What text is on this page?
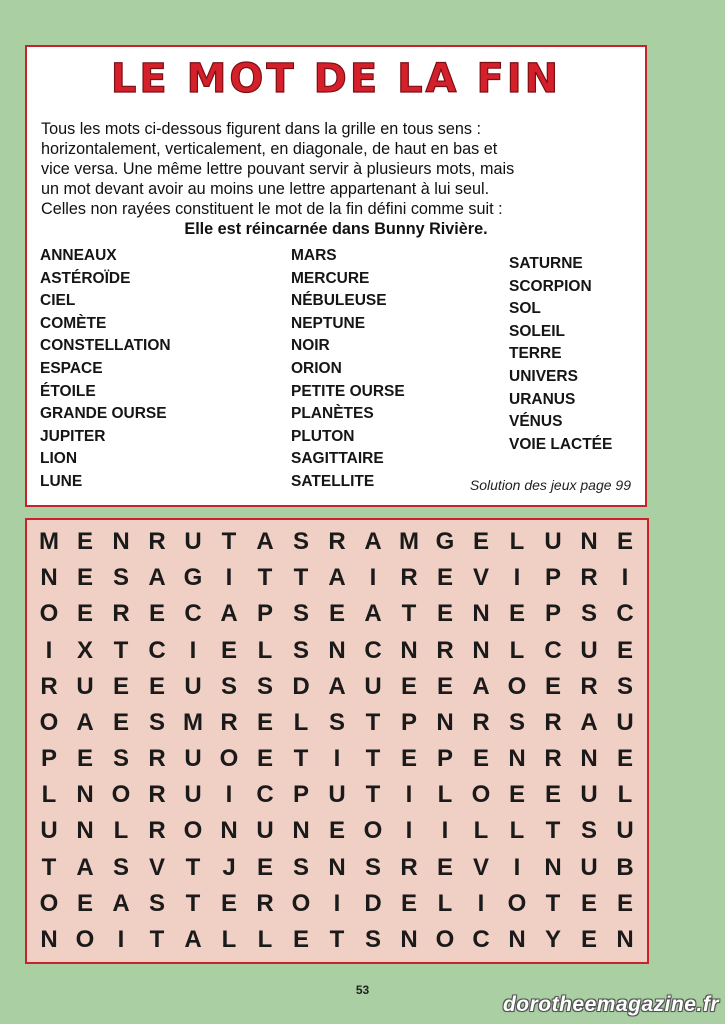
LE MOT DE LA FIN
Tous les mots ci-dessous figurent dans la grille en tous sens :
horizontalement, verticalement, en diagonale, de haut en bas et
vice versa. Une même lettre pouvant servir à plusieurs mots, mais
un mot devant avoir au moins une lettre appartenant à lui seul.
Celles non rayées constituent le mot de la fin défini comme suit :
Elle est réincarnée dans Bunny Rivière.
ANNEAUX
ASTÉROÏDE
CIEL
COMÈTE
CONSTELLATION
ESPACE
ÉTOILE
GRANDE OURSE
JUPITER
LION
LUNE
MARS
MERCURE
NÉBULEUSE
NEPTUNE
NOIR
ORION
PETITE OURSE
PLANÈTES
PLUTON
SAGITTAIRE
SATELLITE
SATURNE
SCORPION
SOL
SOLEIL
TERRE
UNIVERS
URANUS
VÉNUS
VOIE LACTÉE
Solution des jeux page 99
M E N R U T A S R A M G E L U N E
N E S A G I	T T A I	R E V	I	P R I
O E R E C A P S E A T E N E P S C
I	X T C I	E L S N C N R N L C U E
R U E E U S S D A U E E A O E R S
O A E S M R E L S T P N R S R A U
P E S R U O E T	I	T E P E N R N E
L N O R U I	C P U T	I	L O E E U L
U N L R O N U N E O I	I	L L T S U
T A S V T J E S N S R E V	I	N U B
O E A S T E R O I	D E L	I O T E E
N O I	T A L L E T S N O C N Y E N
53
dorotheemagazine.fr
